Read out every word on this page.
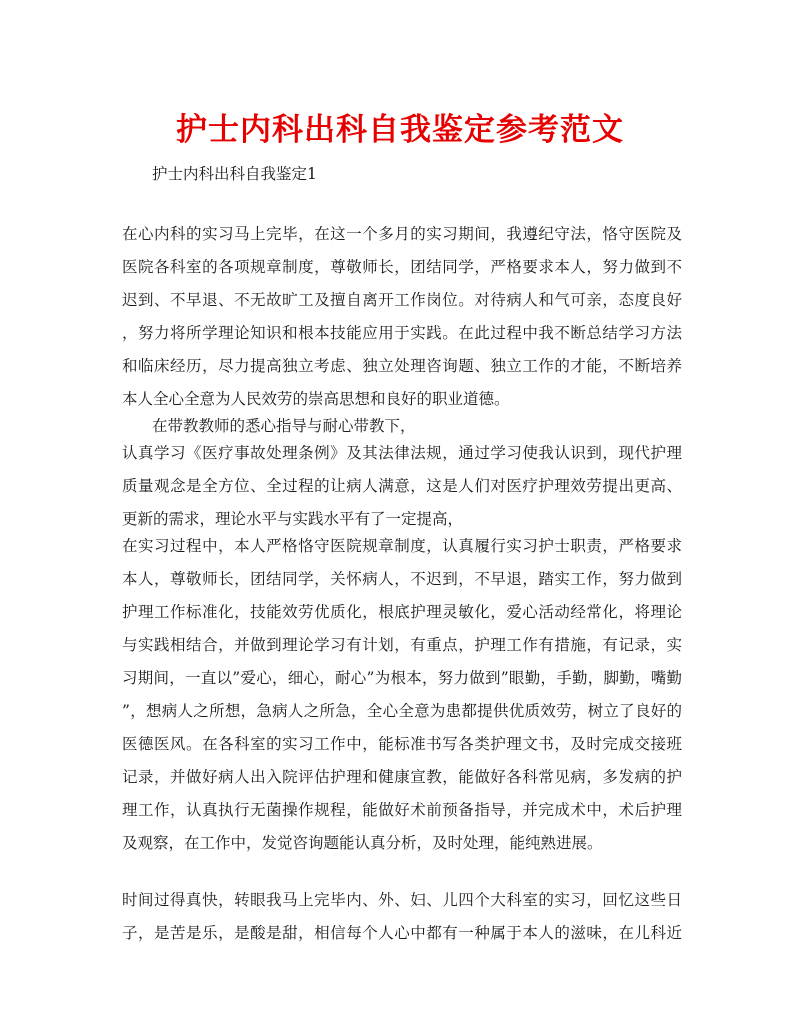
护士内科出科自我鉴定参考范文
护士内科出科自我鉴定1
在心内科的实习马上完毕，在这一个多月的实习期间，我遵纪守法，恪守医院及
医院各科室的各项规章制度，尊敬师长，团结同学，严格要求本人，努力做到不
迟到、不早退、不无故旷工及擅自离开工作岗位。对待病人和气可亲，态度良好
，努力将所学理论知识和根本技能应用于实践。在此过程中我不断总结学习方法
和临床经历，尽力提高独立考虑、独立处理咨询题、独立工作的才能，不断培养
本人全心全意为人民效劳的崇高思想和良好的职业道德。
在带教教师的悉心指导与耐心带教下，
认真学习《医疗事故处理条例》及其法律法规，通过学习使我认识到，现代护理
质量观念是全方位、全过程的让病人满意，这是人们对医疗护理效劳提出更高、
更新的需求，理论水平与实践水平有了一定提高，
在实习过程中，本人严格恪守医院规章制度，认真履行实习护士职责，严格要求
本人，尊敬师长，团结同学，关怀病人，不迟到，不早退，踏实工作，努力做到
护理工作标准化，技能效劳优质化，根底护理灵敏化，爱心活动经常化，将理论
与实践相结合，并做到理论学习有计划，有重点，护理工作有措施，有记录，实
习期间，一直以”爱心，细心，耐心”为根本，努力做到”眼勤，手勤，脚勤，嘴勤
”，想病人之所想，急病人之所急，全心全意为患都提供优质效劳，树立了良好的
医德医风。在各科室的实习工作中，能标准书写各类护理文书，及时完成交接班
记录，并做好病人出入院评估护理和健康宣教，能做好各科常见病，多发病的护
理工作，认真执行无菌操作规程，能做好术前预备指导，并完成术中，术后护理
及观察，在工作中，发觉咨询题能认真分析，及时处理，能纯熟进展。
时间过得真快，转眼我马上完毕内、外、妇、儿四个大科室的实习，回忆这些日
子，是苦是乐，是酸是甜，相信每个人心中都有一种属于本人的滋味，在儿科近
